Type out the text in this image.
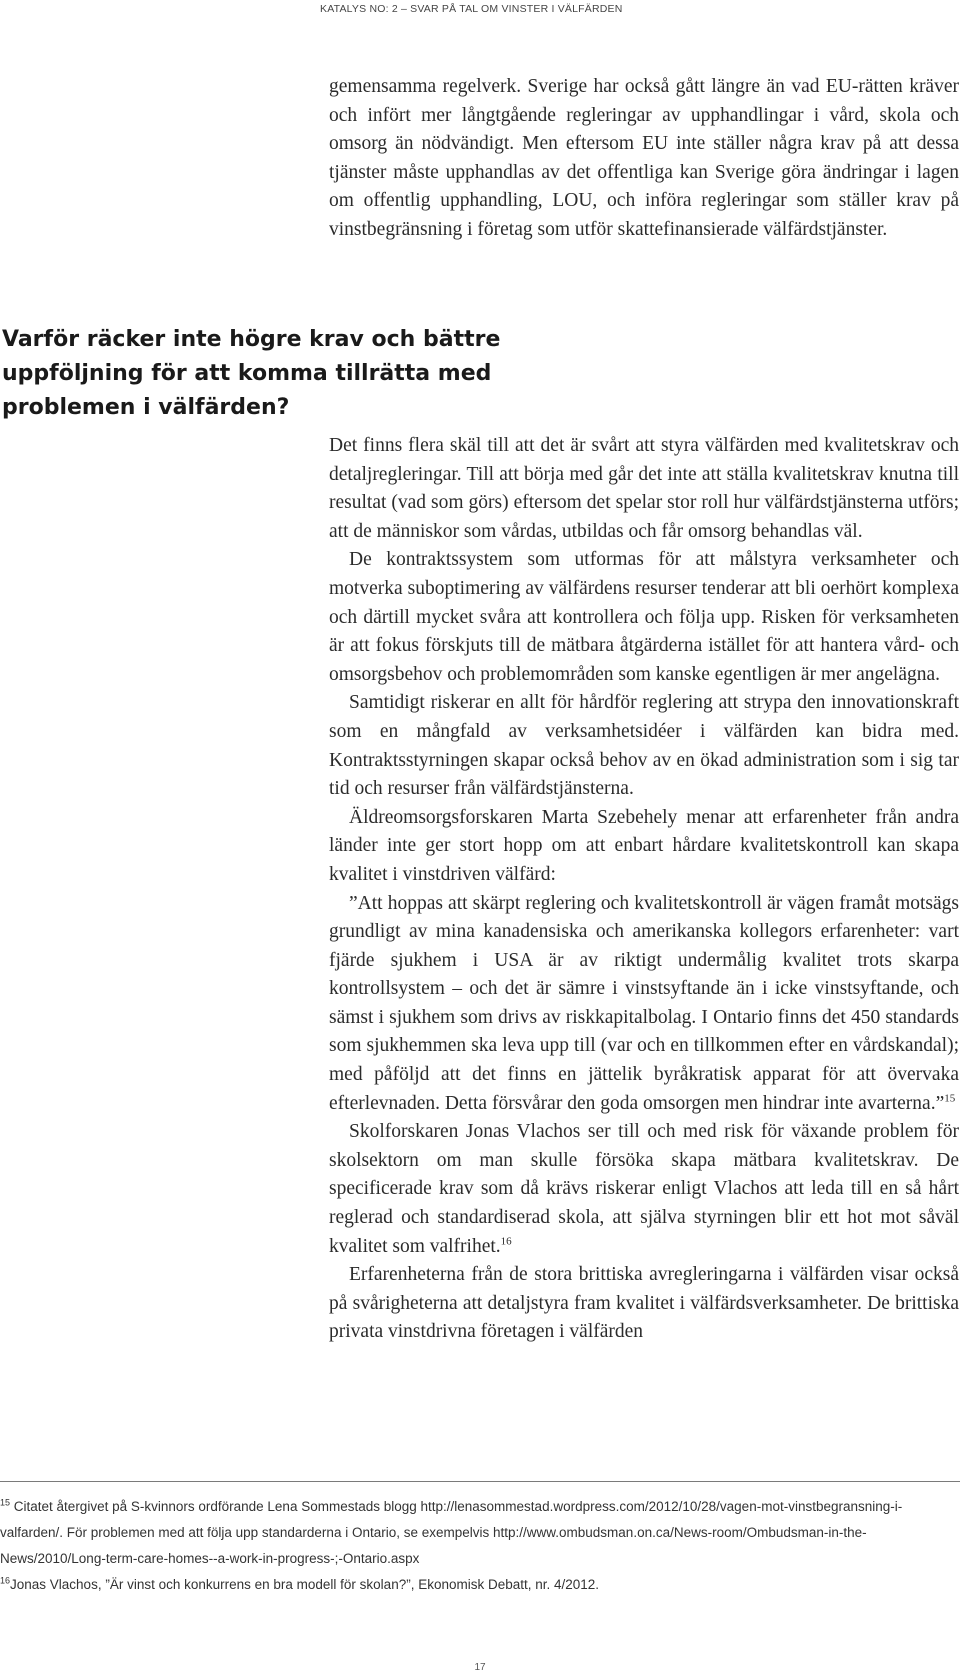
KATALYS NO: 2 – SVAR PÅ TAL OM VINSTER I VÄLFÄRDEN

gemensamma regelverk. Sverige har också gått längre än vad EU-rätten kräver och infört mer långtgående regleringar av upphandlingar i vård, skola och omsorg än nödvändigt. Men eftersom EU inte ställer några krav på att dessa tjänster måste upphandlas av det offentliga kan Sverige göra ändringar i lagen om offentlig upphandling, LOU, och införa regleringar som ställer krav på vinstbegränsning i företag som utför skattefinansierade välfärdstjänster.

Varför räcker inte högre krav och bättre uppföljning för att komma tillrätta med problemen i välfärden?

Det finns flera skäl till att det är svårt att styra välfärden med kvalitetskrav och detaljregleringar. Till att börja med går det inte att ställa kvalitetskrav knutna till resultat (vad som görs) eftersom det spelar stor roll hur välfärdstjänsterna utförs; att de människor som vårdas, utbildas och får omsorg behandlas väl.

De kontraktssystem som utformas för att målstyra verksamheter och motverka suboptimering av välfärdens resurser tenderar att bli oerhört komplexa och därtill mycket svåra att kontrollera och följa upp. Risken för verksamheten är att fokus förskjuts till de mätbara åtgärderna istället för att hantera vård- och omsorgsbehov och problemområden som kanske egentligen är mer angelägna.

Samtidigt riskerar en allt för hårdför reglering att strypa den innovationskraft som en mångfald av verksamhetsidéer i välfärden kan bidra med. Kontraktsstyrningen skapar också behov av en ökad administration som i sig tar tid och resurser från välfärdstjänsterna.

Äldreomsorgsforskaren Marta Szebehely menar att erfarenheter från andra länder inte ger stort hopp om att enbart hårdare kvalitetskontroll kan skapa kvalitet i vinstdriven välfärd:

”Att hoppas att skärpt reglering och kvalitetskontroll är vägen framåt motsägs grundligt av mina kanadensiska och amerikanska kollegors erfarenheter: vart fjärde sjukhem i USA är av riktigt undermålig kvalitet trots skarpa kontrollsystem – och det är sämre i vinstsyftande än i icke vinstsyftande, och sämst i sjukhem som drivs av riskkapitalbolag. I Ontario finns det 450 standards som sjukhemmen ska leva upp till (var och en tillkommen efter en vårdskandal); med påföljd att det finns en jättelik byråkratisk apparat för att övervaka efterlevnaden. Detta försvårar den goda omsorgen men hindrar inte avarterna.”$^{15}$

Skolforskaren Jonas Vlachos ser till och med risk för växande problem för skolsektorn om man skulle försöka skapa mätbara kvalitetskrav. De specificerade krav som då krävs riskerar enligt Vlachos att leda till en så hårt reglerad och standardiserad skola, att själva styrningen blir ett hot mot såväl kvalitet som valfrihet.$^{16}$

Erfarenheterna från de stora brittiska avregleringarna i välfärden visar också på svårigheterna att detaljstyra fram kvalitet i välfärdsverksamheter. De brittiska privata vinstdrivna företagen i välfärden

$^{15}$ Citatet återgivet på S-kvinnors ordförande Lena Sommestads blogg http://lenasommestad.wordpress.com/2012/10/28/vagen-mot-vinstbegransning-i-valfarden/. För problemen med att följa upp standarderna i Ontario, se exempelvis http://www.ombudsman.on.ca/News-room/Ombudsman-in-the-News/2010/Long-term-care-homes--a-work-in-progress-;-Ontario.aspx

$^{16}$Jonas Vlachos, ”Är vinst och konkurrens en bra modell för skolan?”, Ekonomisk Debatt, nr. 4/2012.

17
